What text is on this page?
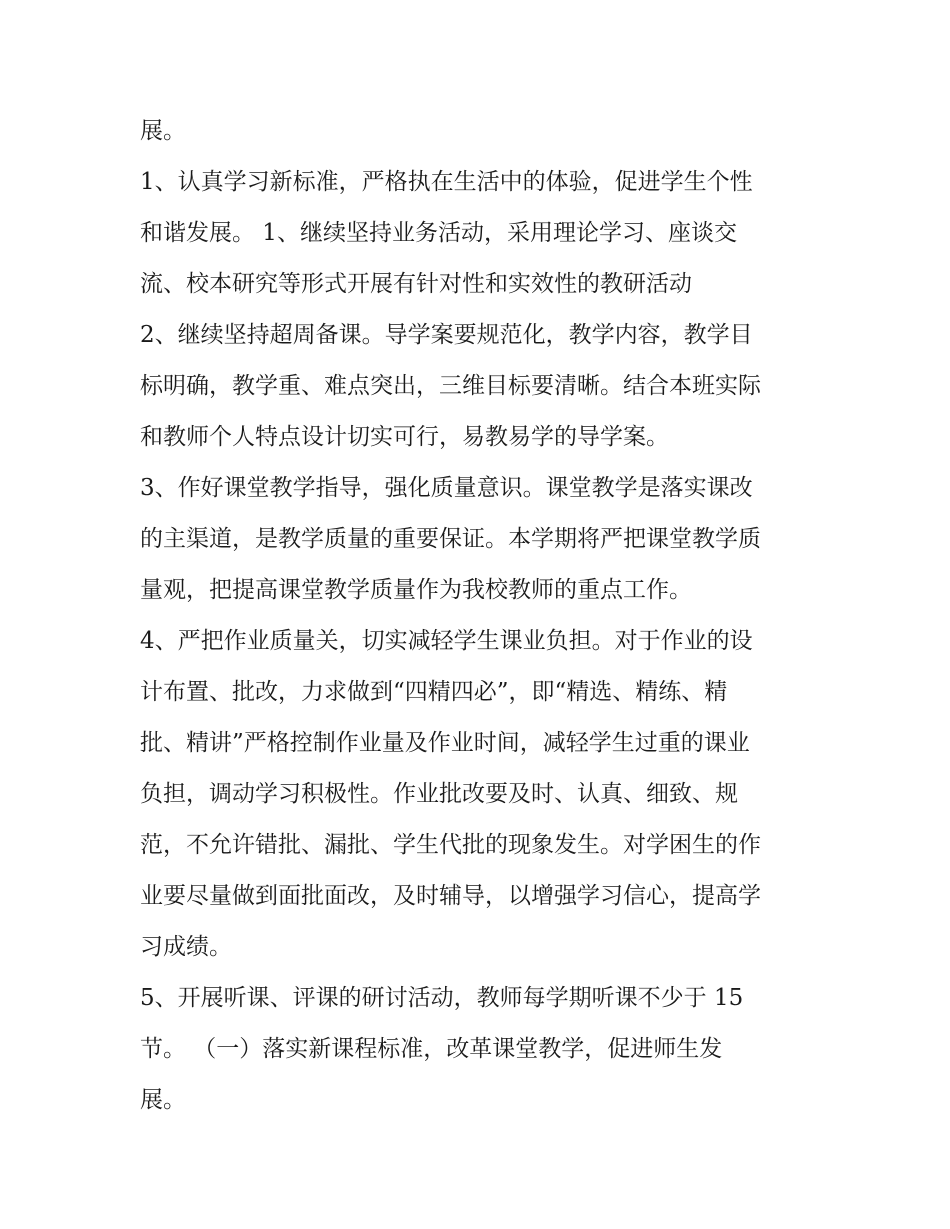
展。
1、认真学习新标准，严格执在生活中的体验，促进学生个性
和谐发展。 1、继续坚持业务活动，采用理论学习、座谈交
流、校本研究等形式开展有针对性和实效性的教研活动
2、继续坚持超周备课。导学案要规范化，教学内容，教学目
标明确，教学重、难点突出，三维目标要清晰。结合本班实际
和教师个人特点设计切实可行，易教易学的导学案。
3、作好课堂教学指导，强化质量意识。课堂教学是落实课改
的主渠道，是教学质量的重要保证。本学期将严把课堂教学质
量观，把提高课堂教学质量作为我校教师的重点工作。
4、严把作业质量关，切实减轻学生课业负担。对于作业的设
计布置、批改，力求做到“四精四必”，即“精选、精练、精
批、精讲”严格控制作业量及作业时间，减轻学生过重的课业
负担，调动学习积极性。作业批改要及时、认真、细致、规
范，不允许错批、漏批、学生代批的现象发生。对学困生的作
业要尽量做到面批面改，及时辅导，以增强学习信心，提高学
习成绩。
5、开展听课、评课的研讨活动，教师每学期听课不少于 15
节。 （一）落实新课程标准，改革课堂教学，促进师生发
展。
